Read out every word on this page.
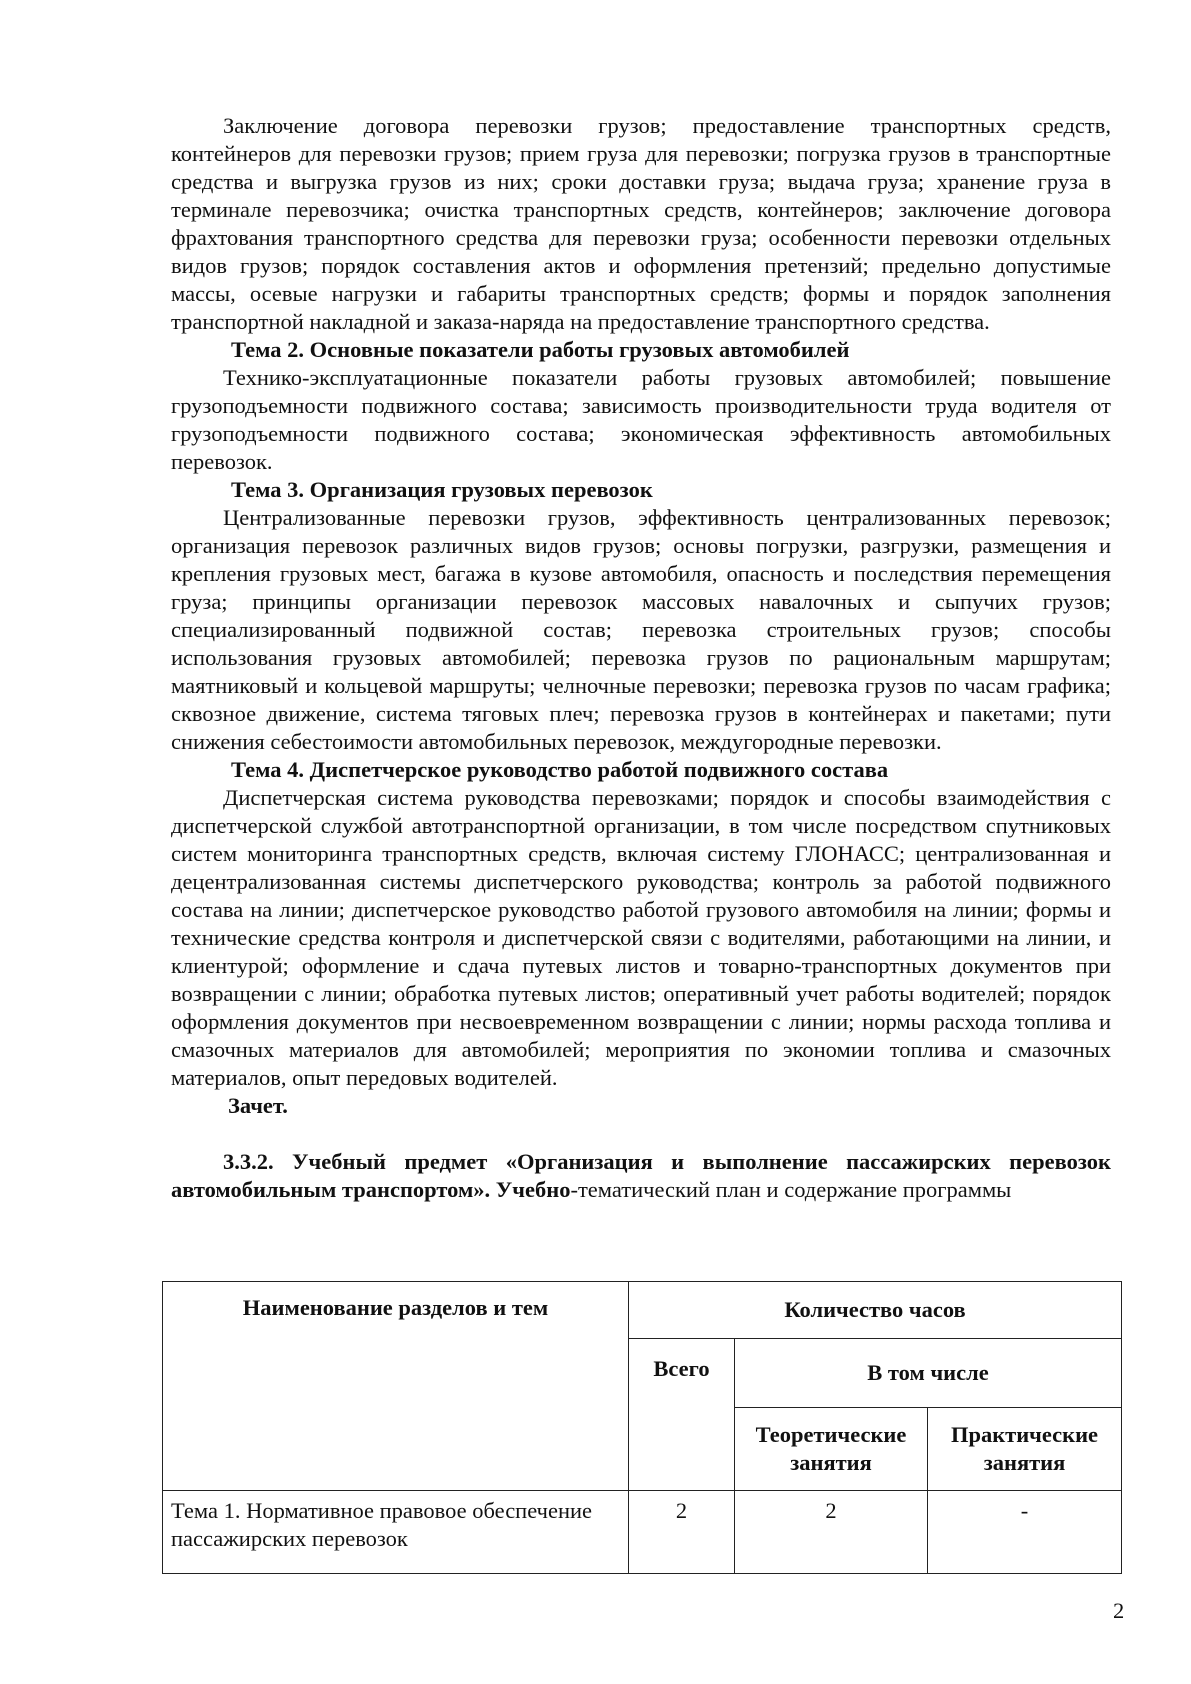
Заключение договора перевозки грузов; предоставление транспортных средств, контейнеров для перевозки грузов; прием груза для перевозки; погрузка грузов в транспортные средства и выгрузка грузов из них; сроки доставки груза; выдача груза; хранение груза в терминале перевозчика; очистка транспортных средств, контейнеров; заключение договора фрахтования транспортного средства для перевозки груза; особенности перевозки отдельных видов грузов; порядок составления актов и оформления претензий; предельно допустимые массы, осевые нагрузки и габариты транспортных средств; формы и порядок заполнения транспортной накладной и заказа-наряда на предоставление транспортного средства.

Тема 2. Основные показатели работы грузовых автомобилей

Технико-эксплуатационные показатели работы грузовых автомобилей; повышение грузоподъемности подвижного состава; зависимость производительности труда водителя от грузоподъемности подвижного состава; экономическая эффективность автомобильных перевозок.

Тема 3. Организация грузовых перевозок

Централизованные перевозки грузов, эффективность централизованных перевозок; организация перевозок различных видов грузов; основы погрузки, разгрузки, размещения и крепления грузовых мест, багажа в кузове автомобиля, опасность и последствия перемещения груза; принципы организации перевозок массовых навалочных и сыпучих грузов; специализированный подвижной состав; перевозка строительных грузов; способы использования грузовых автомобилей; перевозка грузов по рациональным маршрутам; маятниковый и кольцевой маршруты; челночные перевозки; перевозка грузов по часам графика; сквозное движение, система тяговых плеч; перевозка грузов в контейнерах и пакетами; пути снижения себестоимости автомобильных перевозок, междугородные перевозки.

Тема 4. Диспетчерское руководство работой подвижного состава

Диспетчерская система руководства перевозками; порядок и способы взаимодействия с диспетчерской службой автотранспортной организации, в том числе посредством спутниковых систем мониторинга транспортных средств, включая систему ГЛОНАСС; централизованная и децентрализованная системы диспетчерского руководства; контроль за работой подвижного состава на линии; диспетчерское руководство работой грузового автомобиля на линии; формы и технические средства контроля и диспетчерской связи с водителями, работающими на линии, и клиентурой; оформление и сдача путевых листов и товарно-транспортных документов при возвращении с линии; обработка путевых листов; оперативный учет работы водителей; порядок оформления документов при несвоевременном возвращении с линии; нормы расхода топлива и смазочных материалов для автомобилей; мероприятия по экономии топлива и смазочных материалов, опыт передовых водителей.

Зачет.

3.3.2. Учебный предмет «Организация и выполнение пассажирских перевозок автомобильным транспортом». Учебно-тематический план и содержание программы

Наименование разделов и тем	Количество часов		
	Всего	В том числе	
		Теоретические занятия	Практические занятия
Тема 1. Нормативное правовое обеспечение пассажирских перевозок	2	2	-
2
